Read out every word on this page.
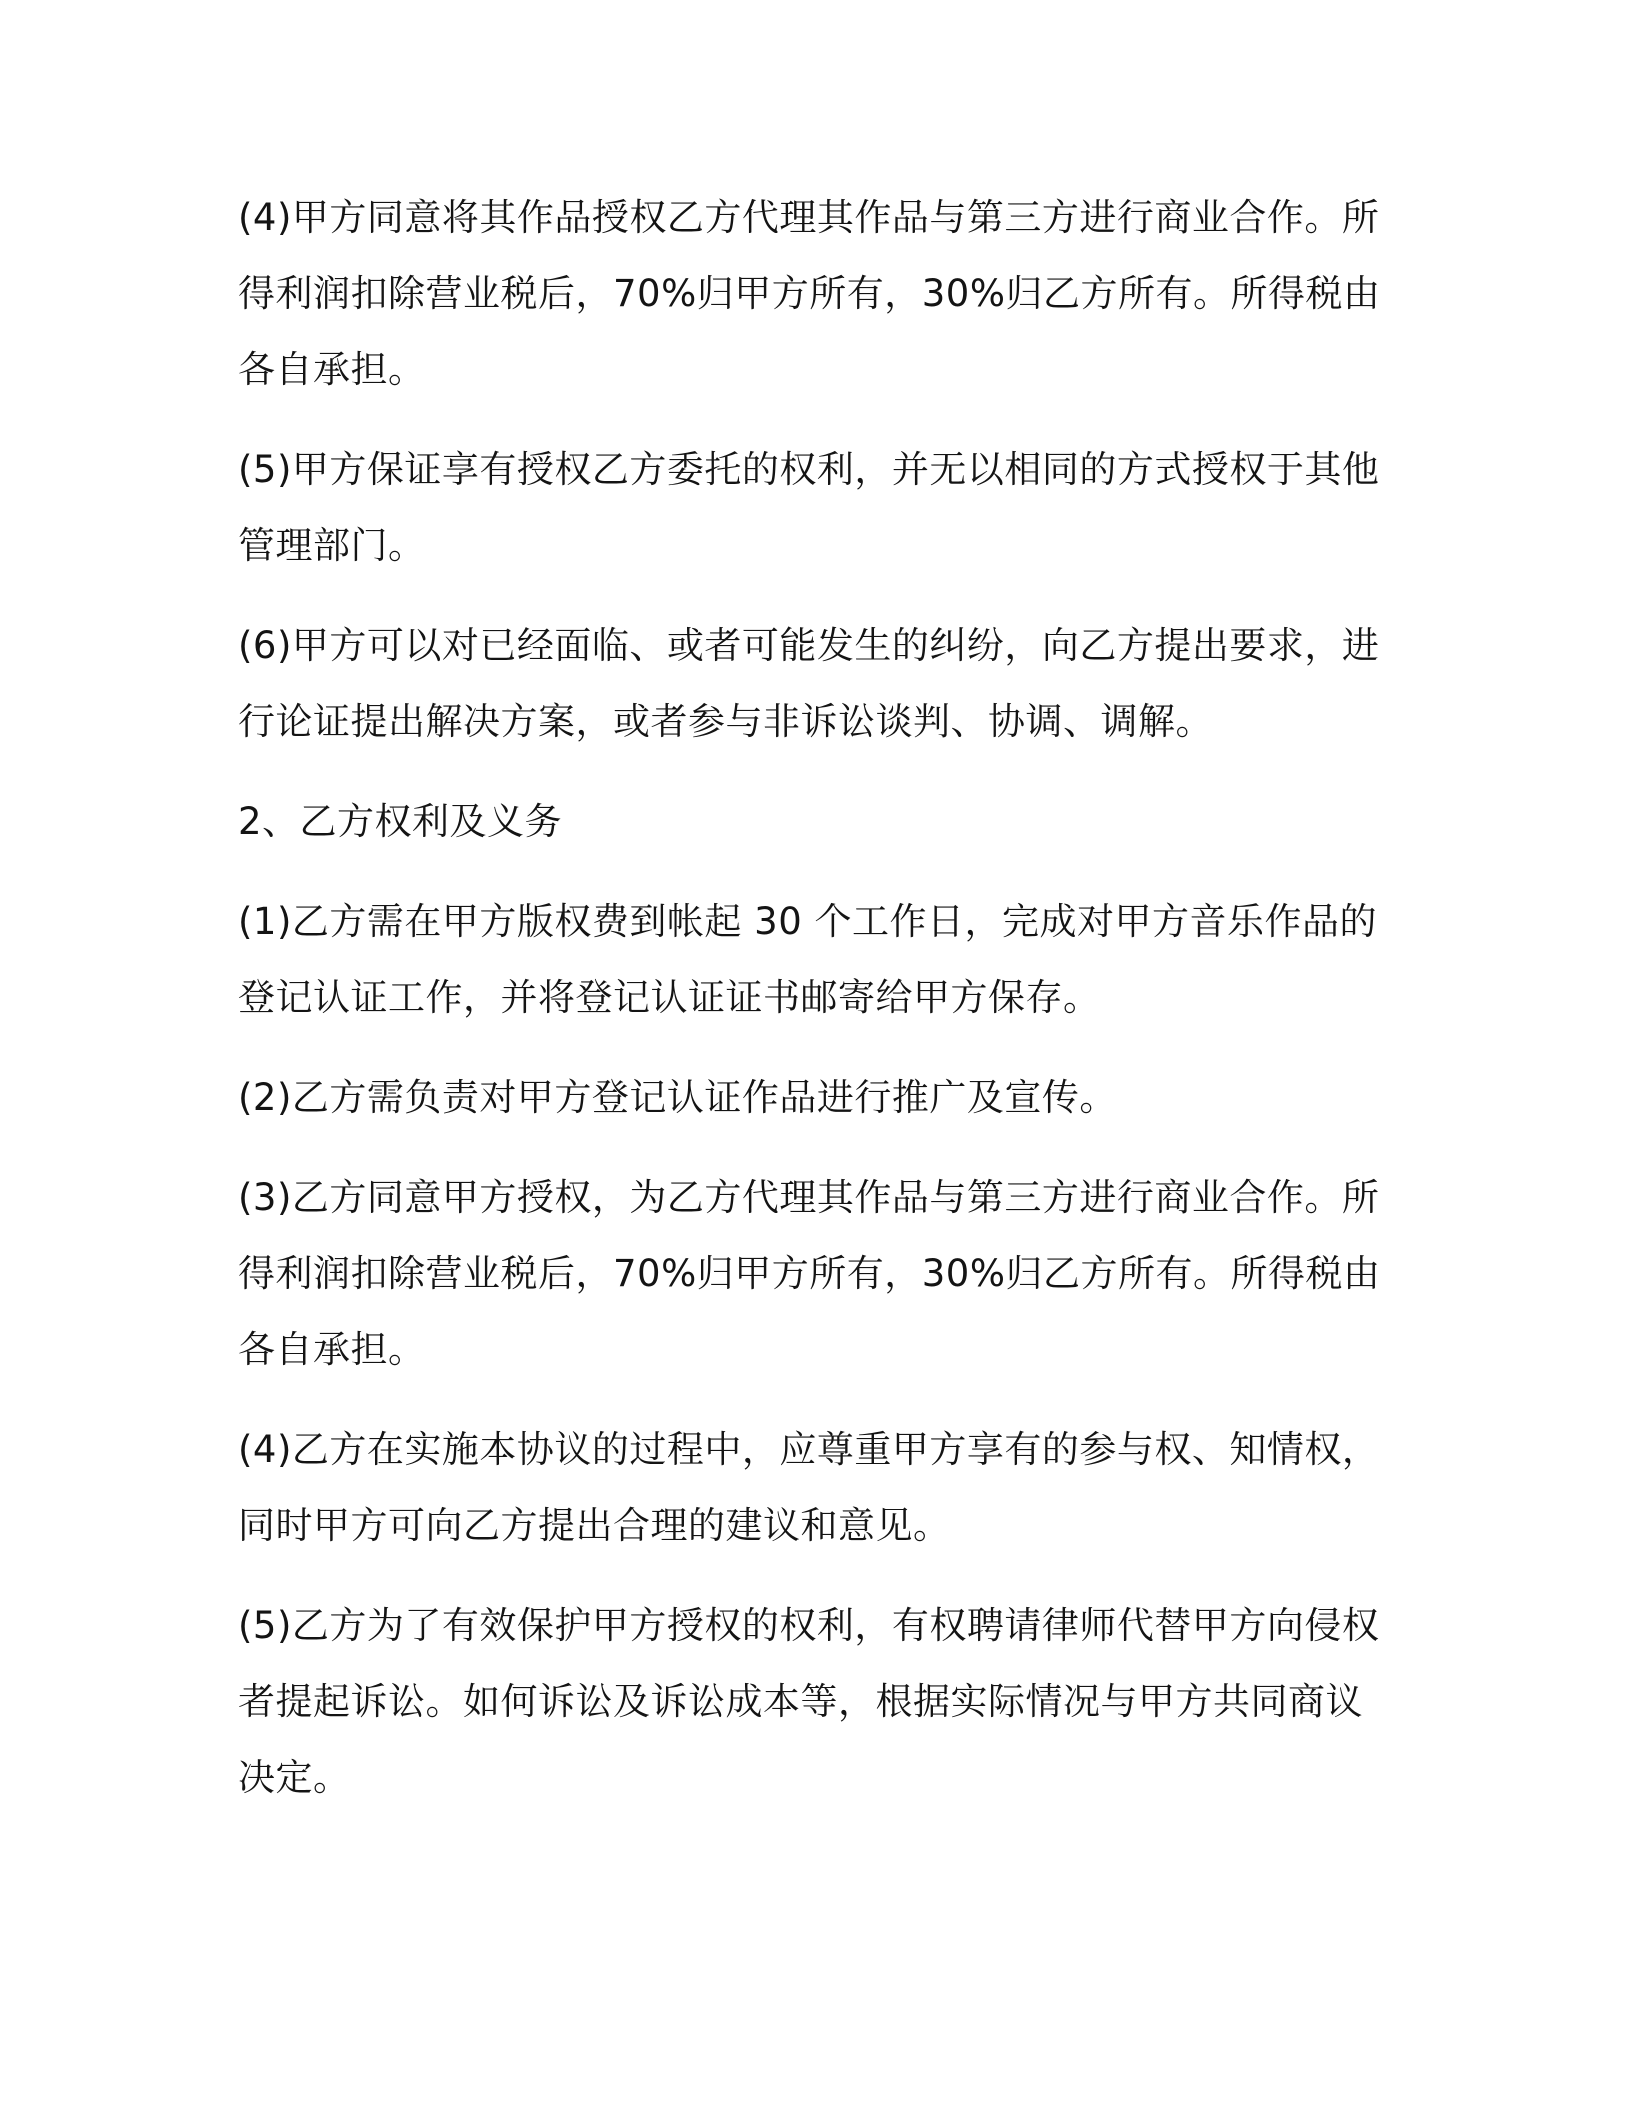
(4)甲方同意将其作品授权乙方代理其作品与第三方进行商业合作。所
得利润扣除营业税后，70%归甲方所有，30%归乙方所有。所得税由
各自承担。

(5)甲方保证享有授权乙方委托的权利，并无以相同的方式授权于其他
管理部门。

(6)甲方可以对已经面临、或者可能发生的纠纷，向乙方提出要求，进
行论证提出解决方案，或者参与非诉讼谈判、协调、调解。

2、乙方权利及义务

(1)乙方需在甲方版权费到帐起 30 个工作日，完成对甲方音乐作品的
登记认证工作，并将登记认证证书邮寄给甲方保存。

(2)乙方需负责对甲方登记认证作品进行推广及宣传。

(3)乙方同意甲方授权，为乙方代理其作品与第三方进行商业合作。所
得利润扣除营业税后，70%归甲方所有，30%归乙方所有。所得税由
各自承担。

(4)乙方在实施本协议的过程中，应尊重甲方享有的参与权、知情权，
同时甲方可向乙方提出合理的建议和意见。

(5)乙方为了有效保护甲方授权的权利，有权聘请律师代替甲方向侵权
者提起诉讼。如何诉讼及诉讼成本等，根据实际情况与甲方共同商议
决定。
